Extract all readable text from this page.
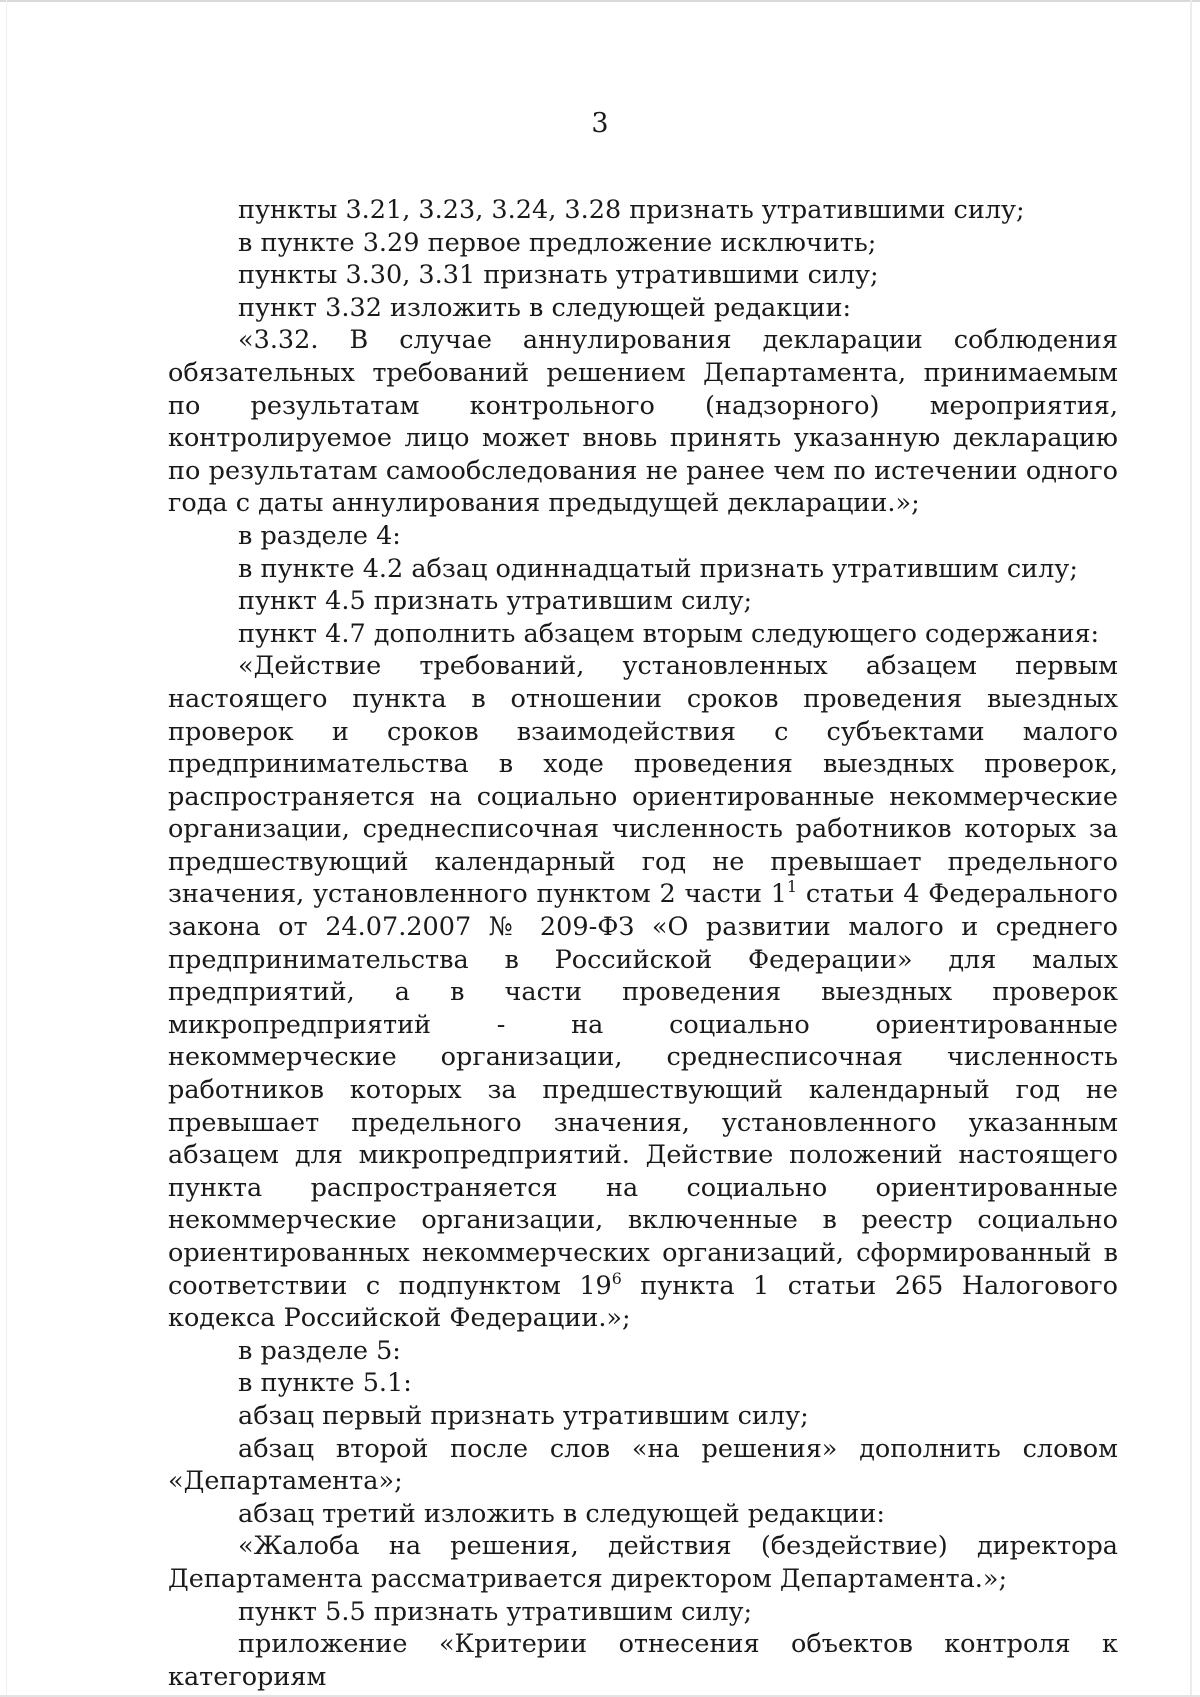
3

пункты 3.21, 3.23, 3.24, 3.28 признать утратившими силу;

в пункте 3.29 первое предложение исключить;

пункты 3.30, 3.31 признать утратившими силу;

пункт 3.32 изложить в следующей редакции:

«3.32. В случае аннулирования декларации соблюдения обязательных требований решением Департамента, принимаемым по результатам контрольного (надзорного) мероприятия, контролируемое лицо может вновь принять указанную декларацию по результатам самообследования не ранее чем по истечении одного года с даты аннулирования предыдущей декларации.»;

в разделе 4:

в пункте 4.2 абзац одиннадцатый признать утратившим силу;

пункт 4.5 признать утратившим силу;

пункт 4.7 дополнить абзацем вторым следующего содержания:

«Действие требований, установленных абзацем первым настоящего пункта в отношении сроков проведения выездных проверок и сроков взаимодействия с субъектами малого предпринимательства в ходе проведения выездных проверок, распространяется на социально ориентированные некоммерческие организации, среднесписочная численность работников которых за предшествующий календарный год не превышает предельного значения, установленного пунктом 2 части $1^1$ статьи 4 Федерального закона от 24.07.2007 № 209-ФЗ «О развитии малого и среднего предпринимательства в Российской Федерации» для малых предприятий, а в части проведения выездных проверок микропредприятий - на социально ориентированные некоммерческие организации, среднесписочная численность работников которых за предшествующий календарный год не превышает предельного значения, установленного указанным абзацем для микропредприятий. Действие положений настоящего пункта распространяется на социально ориентированные некоммерческие организации, включенные в реестр социально ориентированных некоммерческих организаций, сформированный в соответствии с подпунктом $19^6$ пункта 1 статьи 265 Налогового кодекса Российской Федерации.»;

в разделе 5:

в пункте 5.1:

абзац первый признать утратившим силу;

абзац второй после слов «на решения» дополнить словом «Департамента»;

абзац третий изложить в следующей редакции:

«Жалоба на решения, действия (бездействие) директора Департамента рассматривается директором Департамента.»;

пункт 5.5 признать утратившим силу;

приложение «Критерии отнесения объектов контроля к категориям
